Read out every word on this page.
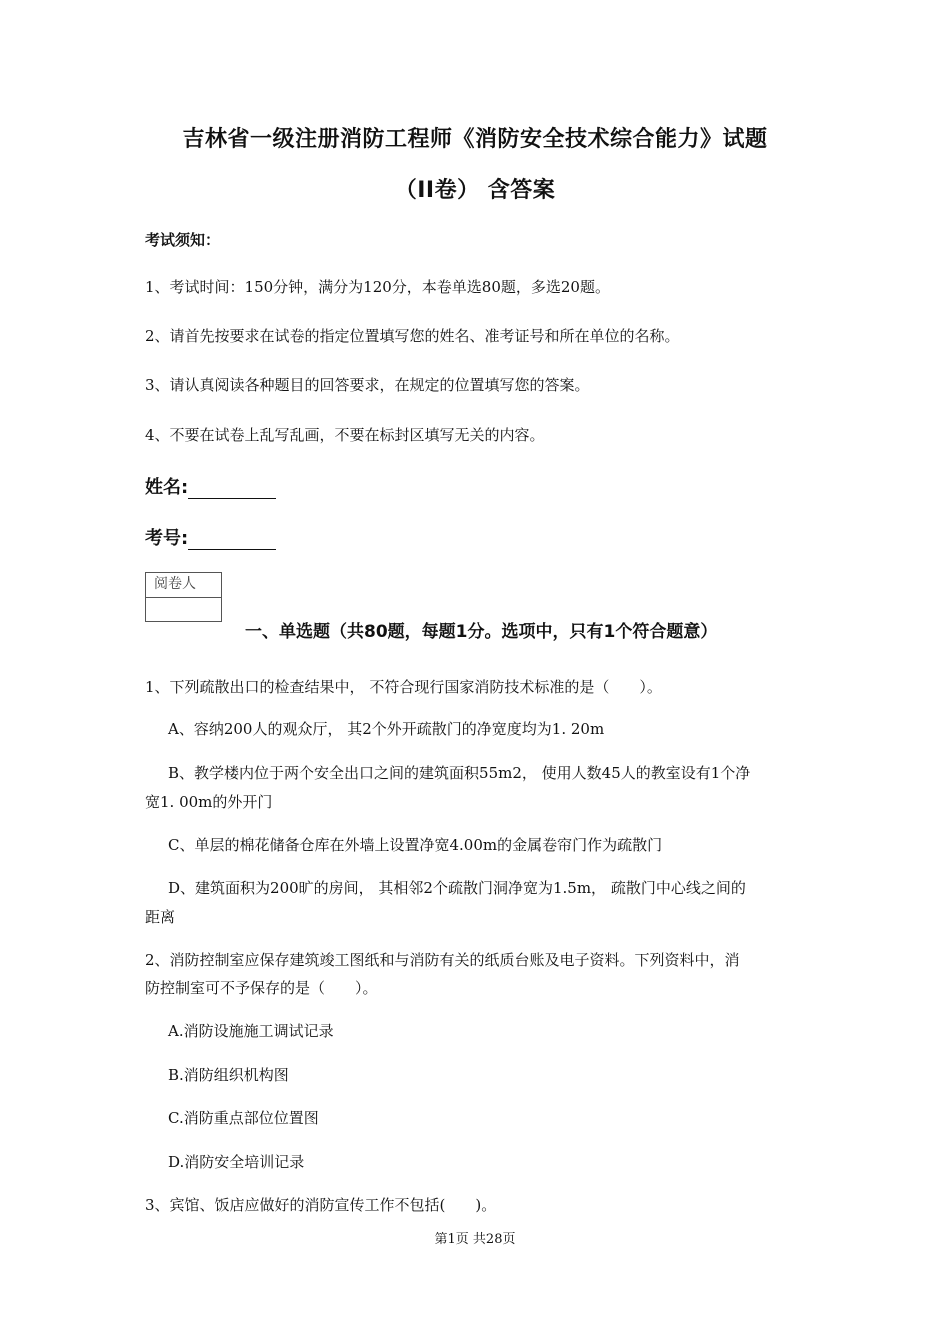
吉林省一级注册消防工程师《消防安全技术综合能力》试题
（II卷） 含答案
考试须知：
1、考试时间：150分钟，满分为120分，本卷单选80题，多选20题。
2、请首先按要求在试卷的指定位置填写您的姓名、准考证号和所在单位的名称。
3、请认真阅读各种题目的回答要求，在规定的位置填写您的答案。
4、不要在试卷上乱写乱画，不要在标封区填写无关的内容。
姓名:
考号:
阅卷人
一、单选题（共80题，每题1分。选项中，只有1个符合题意）
1、下列疏散出口的检查结果中， 不符合现行国家消防技术标准的是（　　）。
A、容纳200人的观众厅， 其2个外开疏散门的净宽度均为1. 20m
B、教学楼内位于两个安全出口之间的建筑面积55m2， 使用人数45人的教室设有1个净
宽1. 00m的外开门
C、单层的棉花储备仓库在外墙上设置净宽4.00m的金属卷帘门作为疏散门
D、建筑面积为200旷的房间， 其相邻2个疏散门洞净宽为1.5m， 疏散门中心线之间的
距离
2、消防控制室应保存建筑竣工图纸和与消防有关的纸质台账及电子资料。下列资料中，消
防控制室可不予保存的是（　　）。
A.消防设施施工调试记录
B.消防组织机构图
C.消防重点部位位置图
D.消防安全培训记录
3、宾馆、饭店应做好的消防宣传工作不包括(　　)。
第1页 共28页
